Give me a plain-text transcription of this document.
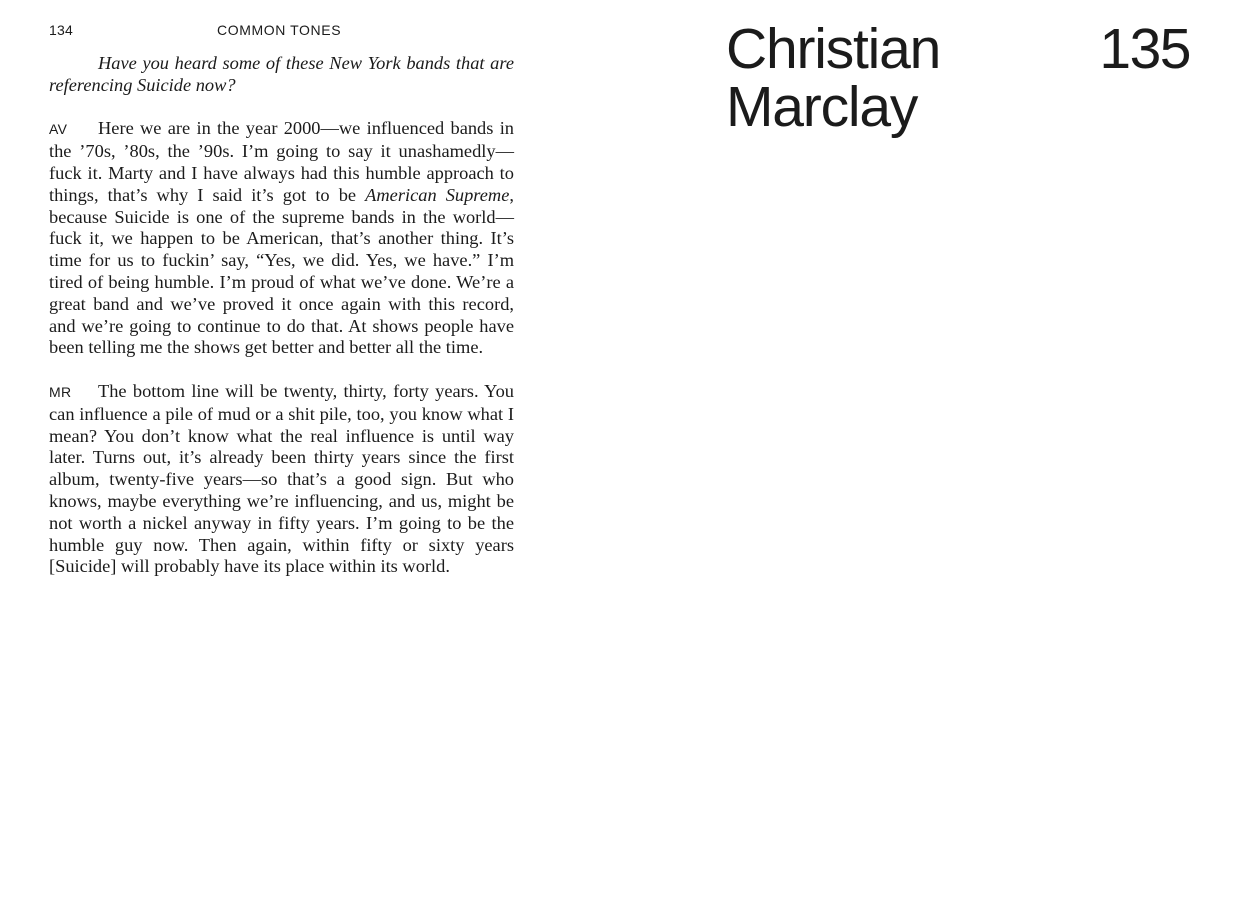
134	COMMON TONES

Have you heard some of these New York bands that are referencing Suicide now?

AV Here we are in the year 2000—we influenced bands in the ’70s, ’80s, the ’90s. I’m going to say it unashamedly—fuck it. Marty and I have always had this humble approach to things, that’s why I said it’s got to be American Supreme, because Suicide is one of the supreme bands in the world—fuck it, we happen to be American, that’s another thing. It’s time for us to fuckin’ say, “Yes, we did. Yes, we have.” I’m tired of being humble. I’m proud of what we’ve done. We’re a great band and we’ve proved it once again with this record, and we’re going to continue to do that. At shows people have been telling me the shows get better and better all the time.

MR The bottom line will be twenty, thirty, forty years. You can influence a pile of mud or a shit pile, too, you know what I mean? You don’t know what the real influence is until way later. Turns out, it’s already been thirty years since the first album, twenty-five years—so that’s a good sign. But who knows, maybe everything we’re influencing, and us, might be not worth a nickel anyway in fifty years. I’m going to be the humble guy now. Then again, within fifty or sixty years [Suicide] will probably have its place within its world.

Christian
Marclay
135
